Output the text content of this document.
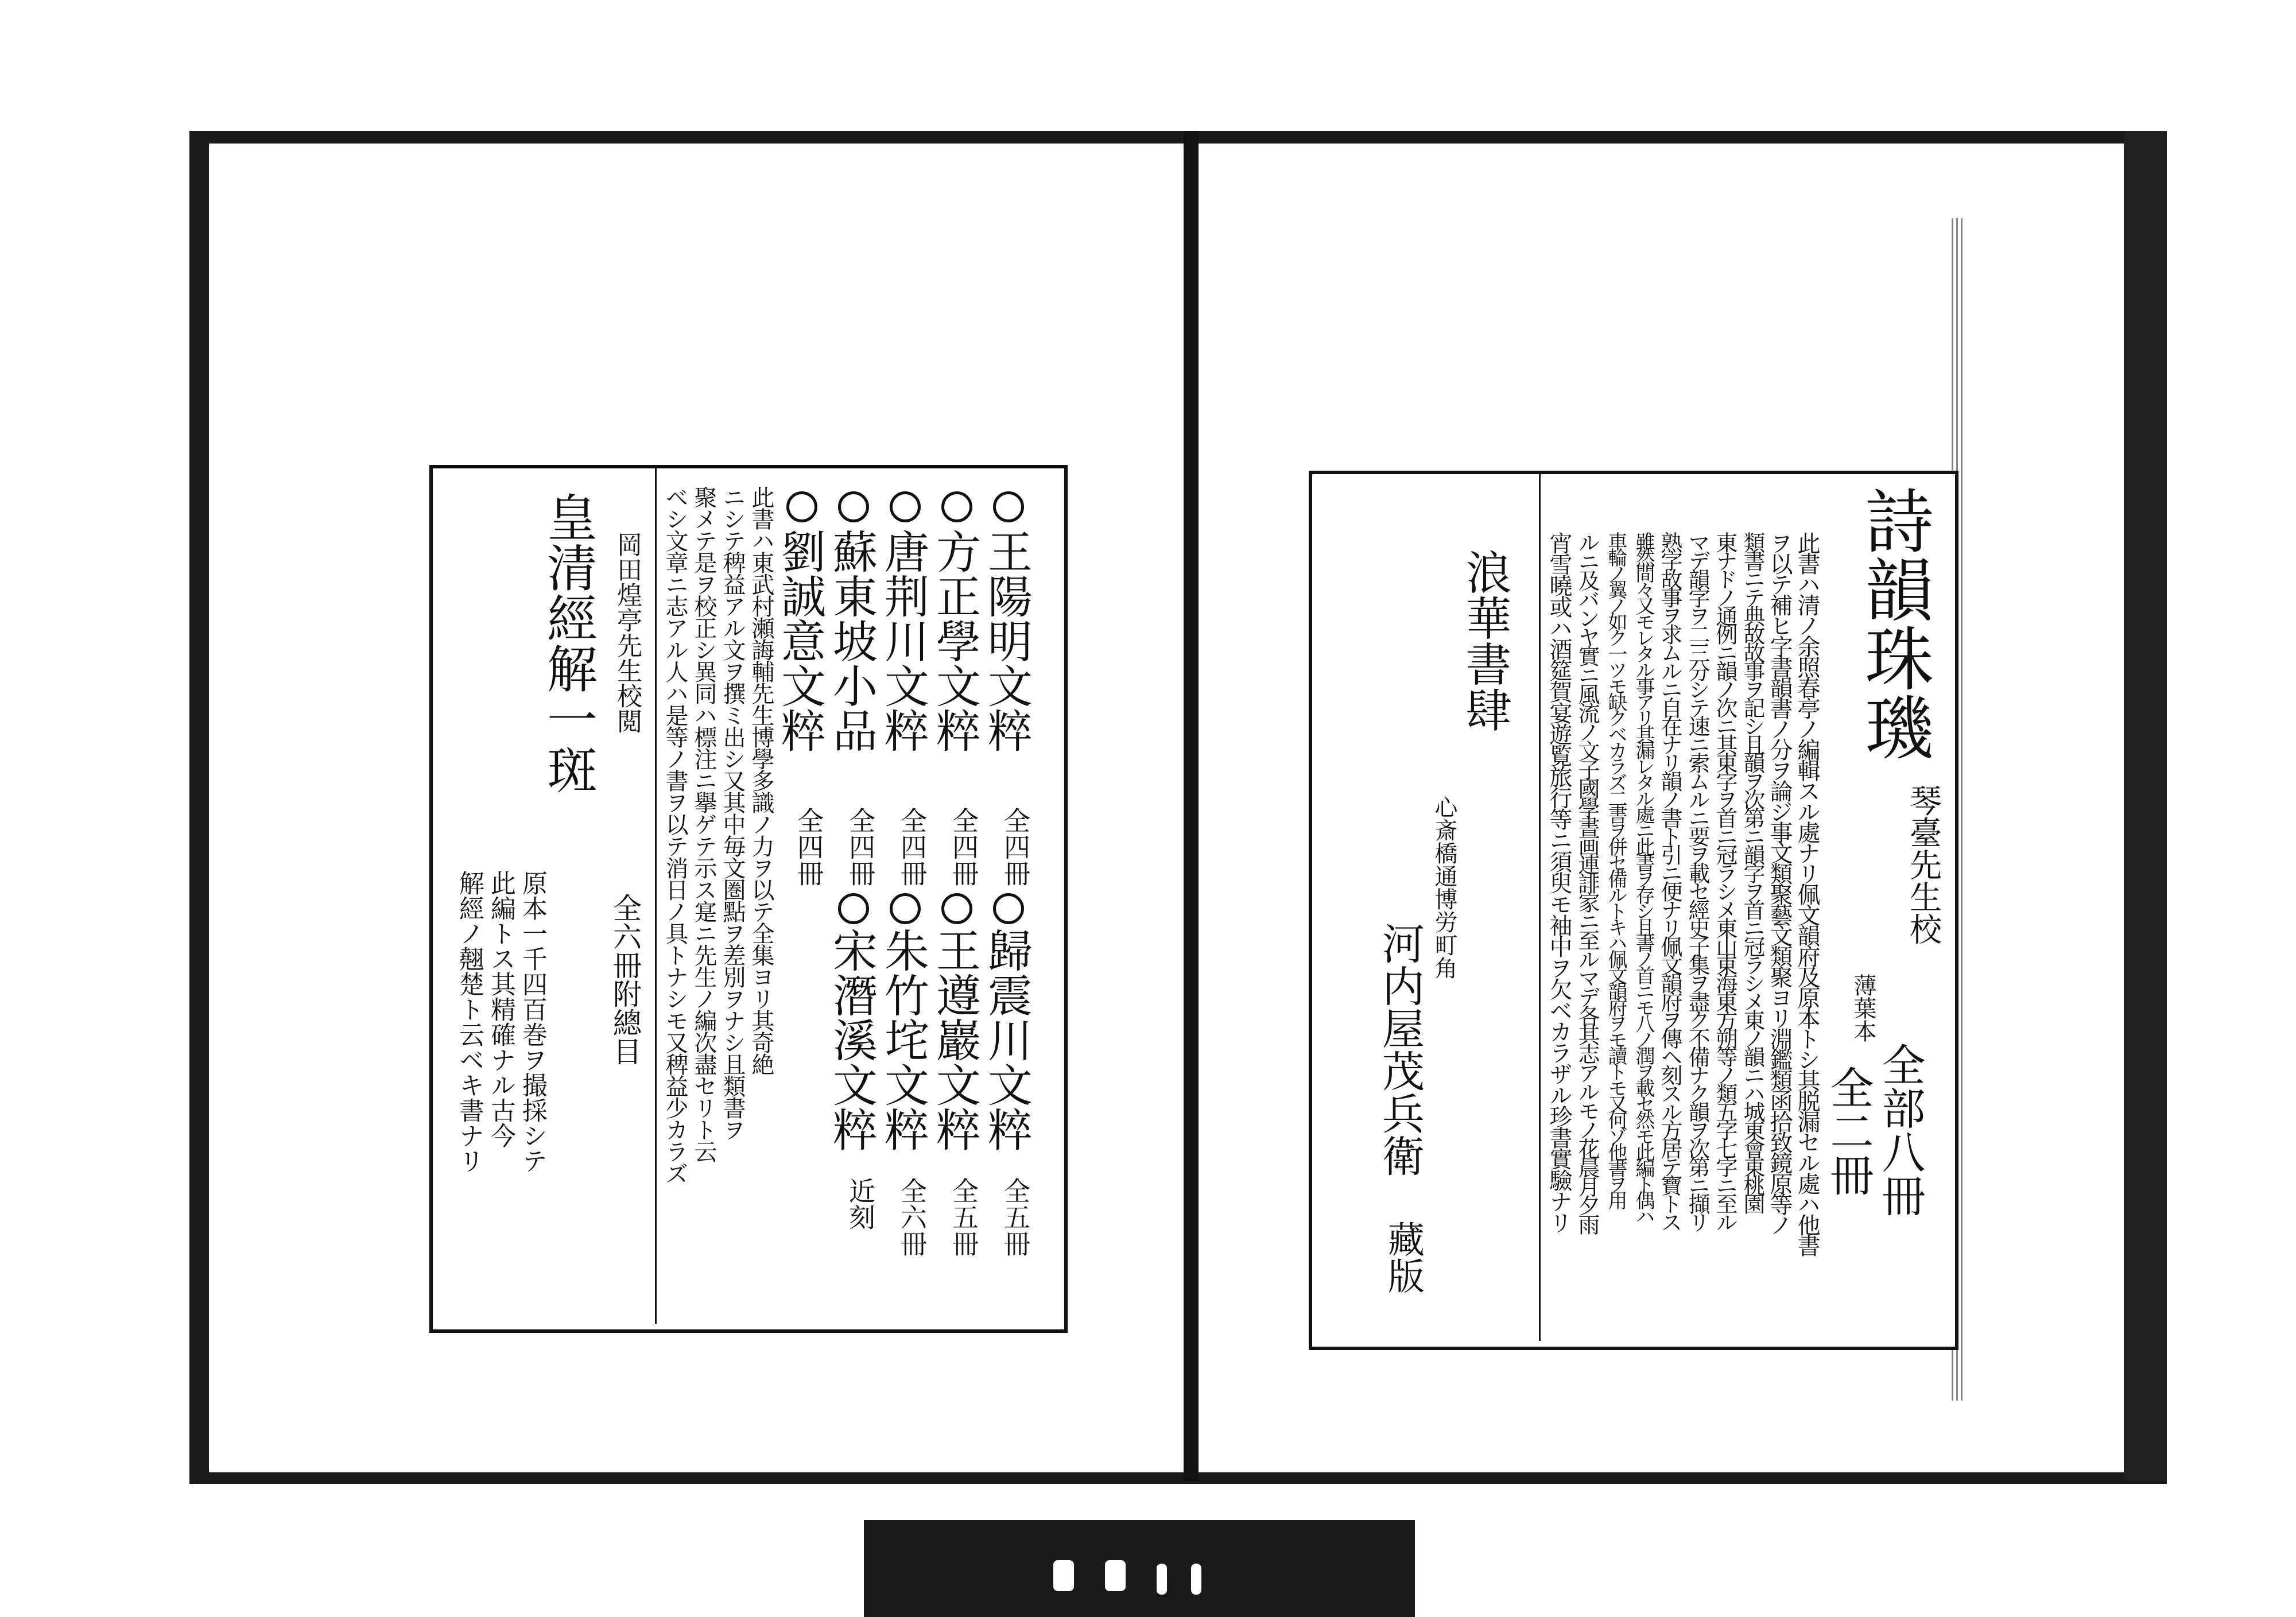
王陽明文粹
全四冊
方正學文粹
全四冊
唐荆川文粹
全四冊
蘇東坡小品
全四冊
劉誠意文粹
全四冊
歸震川文粹
全五冊
王遵巖文粹
全五冊
朱竹垞文粹
全六冊
宋潛溪文粹
近刻
此書ハ東武村瀬誨輔先生博學多識ノ力ヲ以テ全集ヨリ其奇絶
ニシテ稗益アル文ヲ撰ミ出シ又其中毎文圏點ヲ差別ヲナシ且類書ヲ
聚メテ是ヲ校正シ異同ハ標注ニ擧ゲテ示ス寔ニ先生ノ編次盡セリト云
ベシ文章ニ志アル人ハ是等ノ書ヲ以テ消日ノ具トナシモ又稗益少カラズ
皇清經解一斑 岡田煌亭先生校閲
全六冊附總目
原本一千四百巻ヲ撮採シテ
此編トス其精確ナル古今
解經ノ翹楚ト云ベキ書ナリ
詩韻珠璣
琴臺先生校
薄葉本
全部八冊
全二冊
此書ハ清ノ余照春亭ノ編輯スル處ナリ佩文韻府及原本トシ其脱漏セル處ハ他書
ヲ以テ補ヒ字書韻書ノ分ヲ論ジ事文類聚藝文類聚ヨリ淵鑑類函拾致鏡原等ノ
類書ニテ典故故事ヲ記シ且韻ヲ次第ニ韻字ヲ首ニ冠ラシメ東ノ韻ニハ城東會東桃園
東ナドノ通例ニ韻ノ次ニ其東字ヲ首ニ冠ラシメ東山東海東方朔等ノ類五字七字ニ至ル
マデ韻字ヲ二三分シテ速ニ索ムルニ要ヲ載セ經史子集ヲ盡ク不備ナク韻ヲ次第ニ擷リ
熟字故事ヲ求ムルニ自在ナリ韻ノ書ト引ニ便ナリ佩文韻府ヲ傳ヘ刻スル方居テ寶トス
雖然間々又モレタル事アリ其漏レタル處ニ此書ヲ存シ且書ノ首ニモ八ノ潤ヲ載セ然モ此編ト偶ハ
車輪ノ翼ノ如ク一ツモ缺クベカラズ二書ヲ併セ備ルトキハ佩文韻府ヲモ讀トモ又何ゾ他書ヲ用
ルニ及バンヤ實ニ風流ノ文子國學書画連誹家ニ至ルマデ各其志アルモノ花晨月夕雨
宵雪曉或ハ酒筵賀宴遊覧旅行等ニ須臾モ袖中ヲ欠ベカラザル珍書實驗ナリ
浪華書肆
心斎橋通博労町角
河内屋茂兵衛
藏版
